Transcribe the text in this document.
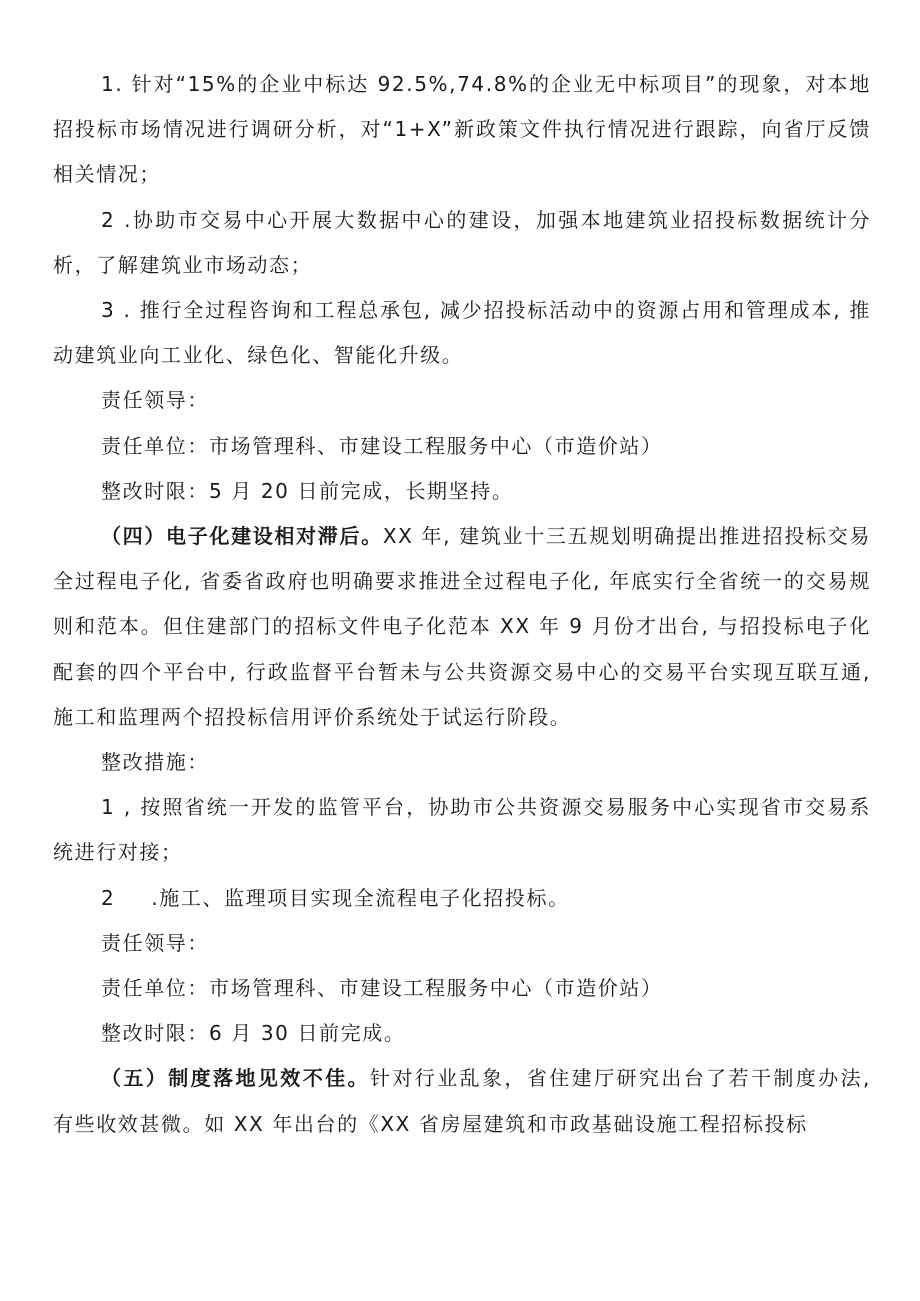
1. 针对“15%的企业中标达 92.5%,74.8%的企业无中标项目”的现象，对本地招投标市场情况进行调研分析，对“1+X”新政策文件执行情况进行跟踪，向省厅反馈相关情况；

2 .协助市交易中心开展大数据中心的建设，加强本地建筑业招投标数据统计分析，了解建筑业市场动态；

3 . 推行全过程咨询和工程总承包, 减少招投标活动中的资源占用和管理成本, 推动建筑业向工业化、绿色化、智能化升级。

责任领导：

责任单位：市场管理科、市建设工程服务中心（市造价站）

整改时限：5 月 20 日前完成，长期坚持。

（四）电子化建设相对滞后。XX 年, 建筑业十三五规划明确提出推进招投标交易全过程电子化, 省委省政府也明确要求推进全过程电子化, 年底实行全省统一的交易规则和范本。但住建部门的招标文件电子化范本 XX 年 9 月份才出台, 与招投标电子化配套的四个平台中, 行政监督平台暂未与公共资源交易中心的交易平台实现互联互通, 施工和监理两个招投标信用评价系统处于试运行阶段。

整改措施：

1 , 按照省统一开发的监管平台，协助市公共资源交易服务中心实现省市交易系统进行对接；

2 .施工、监理项目实现全流程电子化招投标。

责任领导：

责任单位：市场管理科、市建设工程服务中心（市造价站）

整改时限：6 月 30 日前完成。

（五）制度落地见效不佳。针对行业乱象，省住建厅研究出台了若干制度办法, 有些收效甚微。如 XX 年出台的《XX 省房屋建筑和市政基础设施工程招标投标
